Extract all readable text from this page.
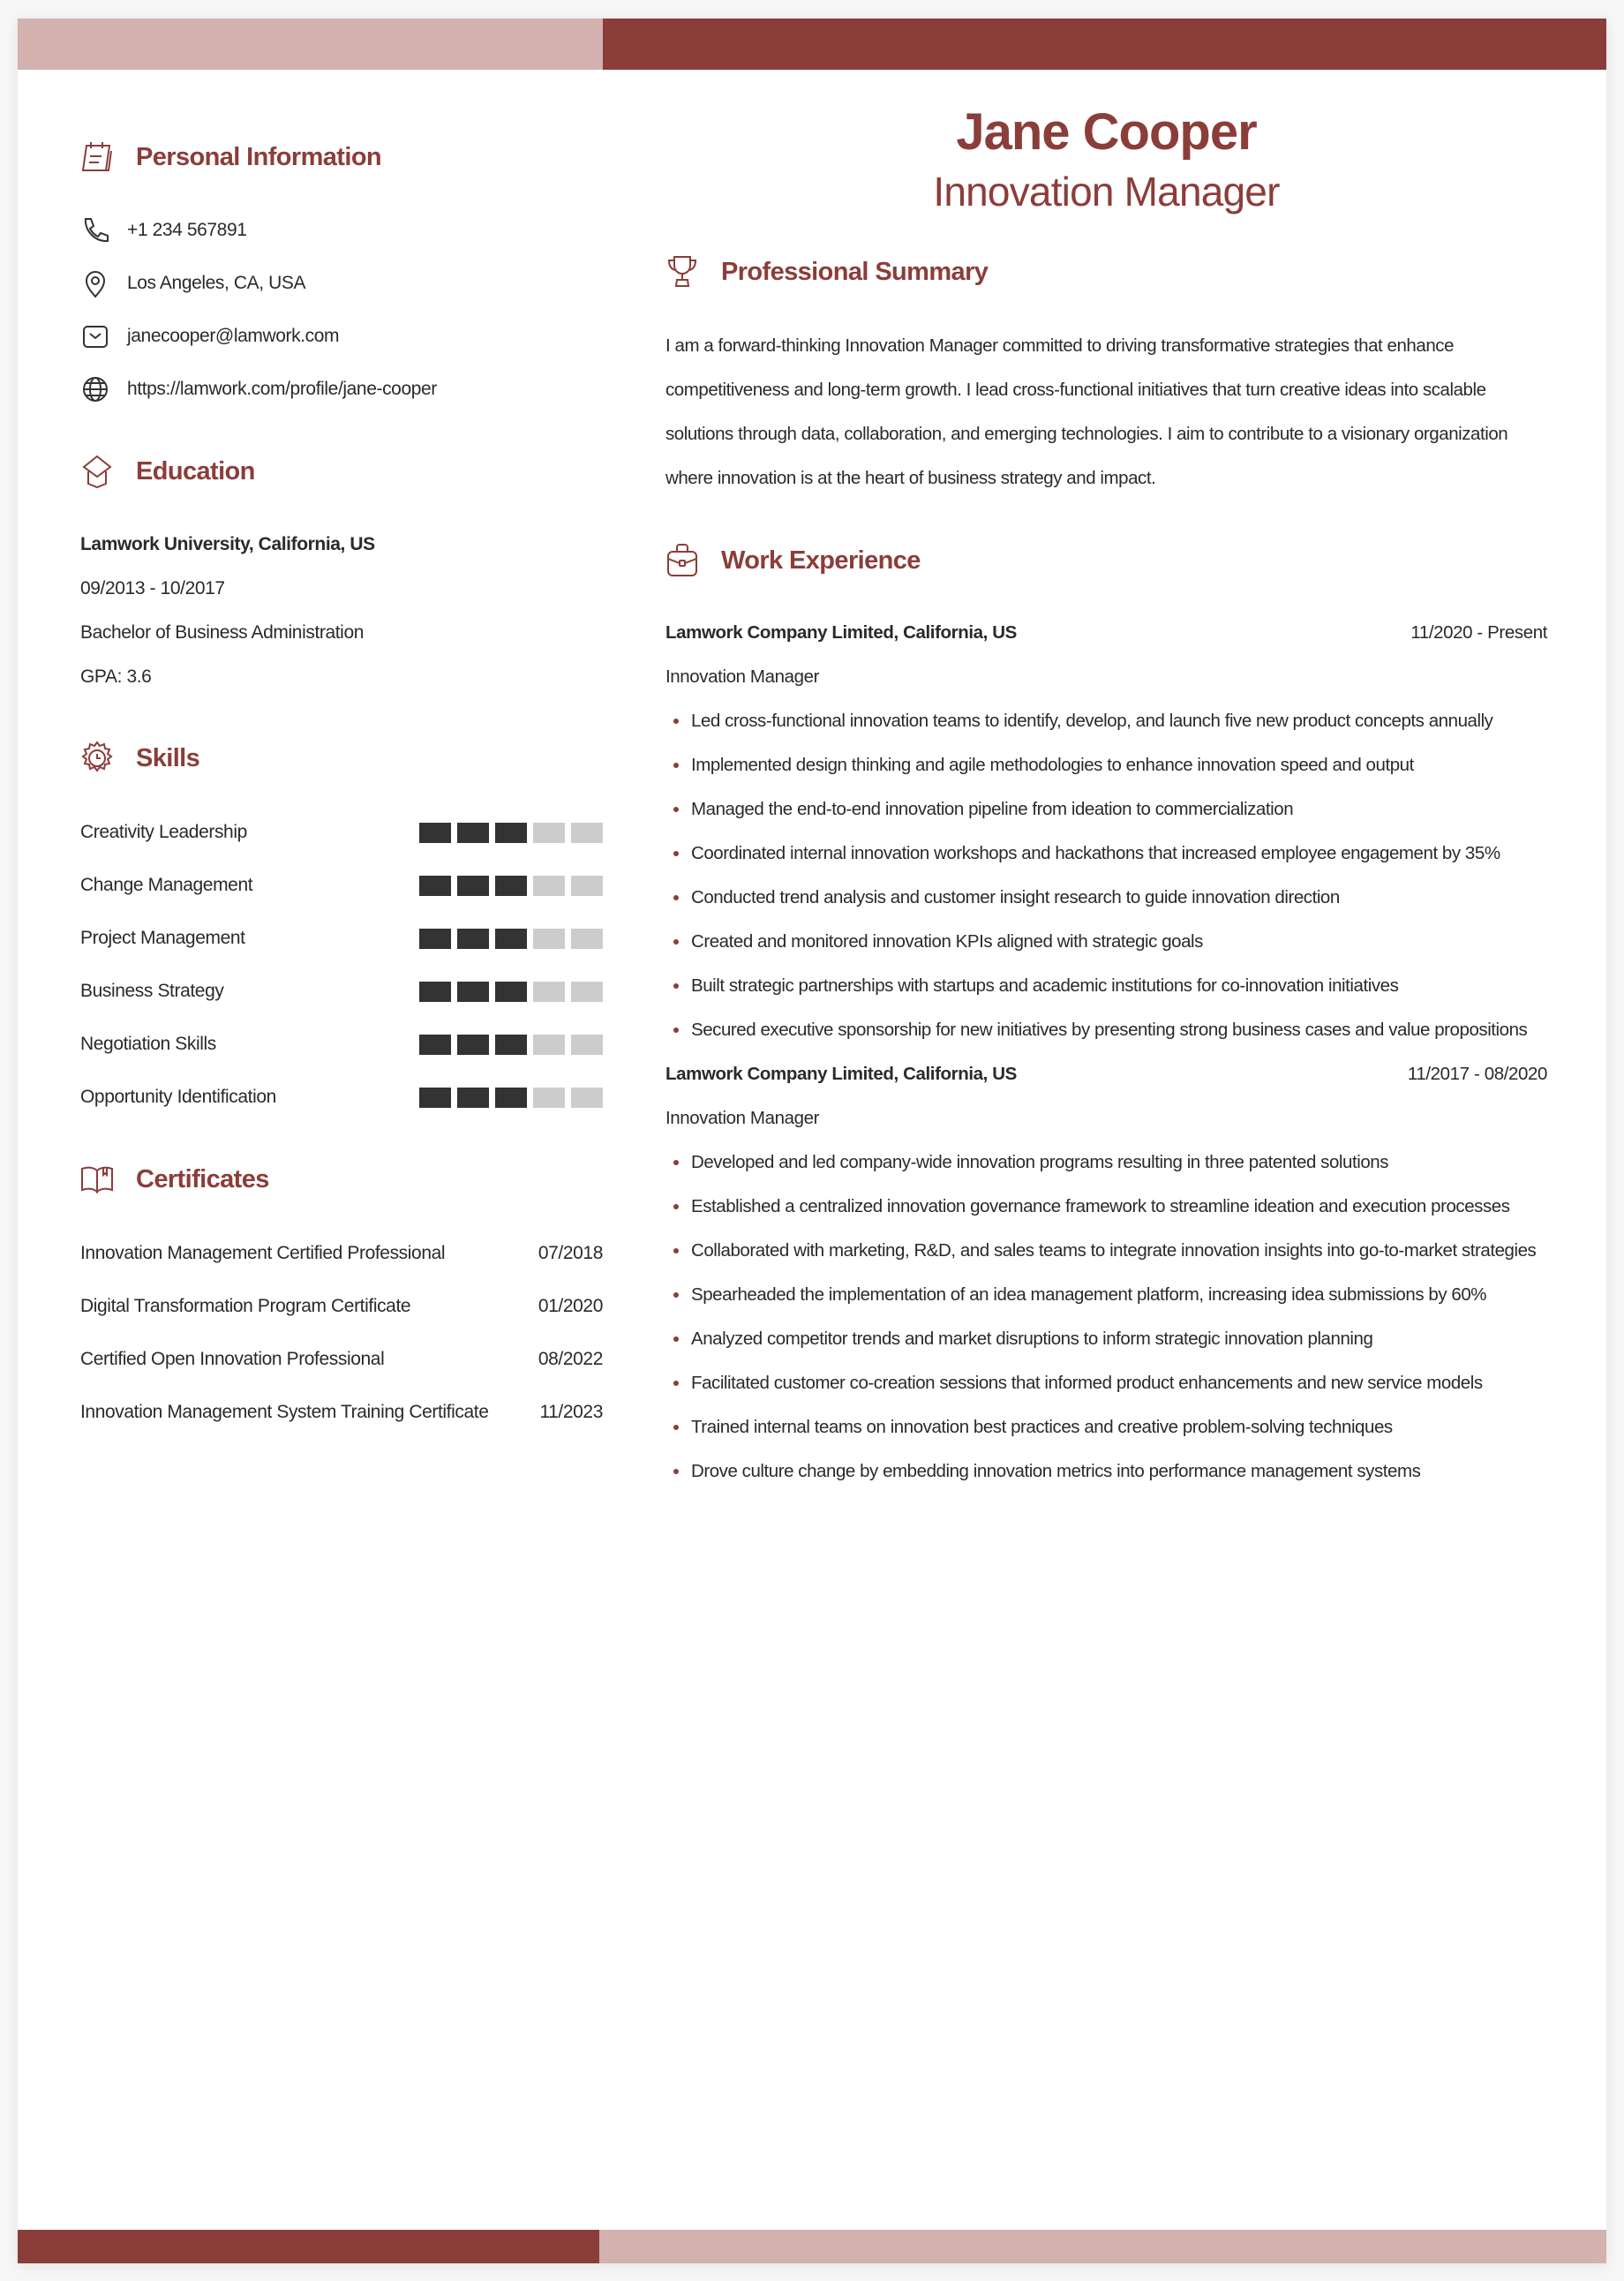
Personal Information
+1 234 567891
Los Angeles, CA, USA
janecooper@lamwork.com
https://lamwork.com/profile/jane-cooper
Education
Lamwork University, California, US
09/2013 - 10/2017
Bachelor of Business Administration
GPA: 3.6
Skills
Creativity Leadership
Change Management
Project Management
Business Strategy
Negotiation Skills
Opportunity Identification
Certificates
Innovation Management Certified Professional	07/2018
Digital Transformation Program Certificate	01/2020
Certified Open Innovation Professional	08/2022
Innovation Management System Training Certificate	11/2023
Jane Cooper
Innovation Manager
Professional Summary

I am a forward-thinking Innovation Manager committed to driving transformative strategies that enhance competitiveness and long-term growth. I lead cross-functional initiatives that turn creative ideas into scalable solutions through data, collaboration, and emerging technologies. I aim to contribute to a visionary organization where innovation is at the heart of business strategy and impact.

Work Experience
Lamwork Company Limited, California, US	11/2020 - Present
Innovation Manager
Led cross-functional innovation teams to identify, develop, and launch five new product concepts annually
Implemented design thinking and agile methodologies to enhance innovation speed and output
Managed the end-to-end innovation pipeline from ideation to commercialization
Coordinated internal innovation workshops and hackathons that increased employee engagement by 35%
Conducted trend analysis and customer insight research to guide innovation direction
Created and monitored innovation KPIs aligned with strategic goals
Built strategic partnerships with startups and academic institutions for co-innovation initiatives
Secured executive sponsorship for new initiatives by presenting strong business cases and value propositions
Lamwork Company Limited, California, US	11/2017 - 08/2020
Innovation Manager
Developed and led company-wide innovation programs resulting in three patented solutions
Established a centralized innovation governance framework to streamline ideation and execution processes
Collaborated with marketing, R&D, and sales teams to integrate innovation insights into go-to-market strategies
Spearheaded the implementation of an idea management platform, increasing idea submissions by 60%
Analyzed competitor trends and market disruptions to inform strategic innovation planning
Facilitated customer co-creation sessions that informed product enhancements and new service models
Trained internal teams on innovation best practices and creative problem-solving techniques
Drove culture change by embedding innovation metrics into performance management systems
